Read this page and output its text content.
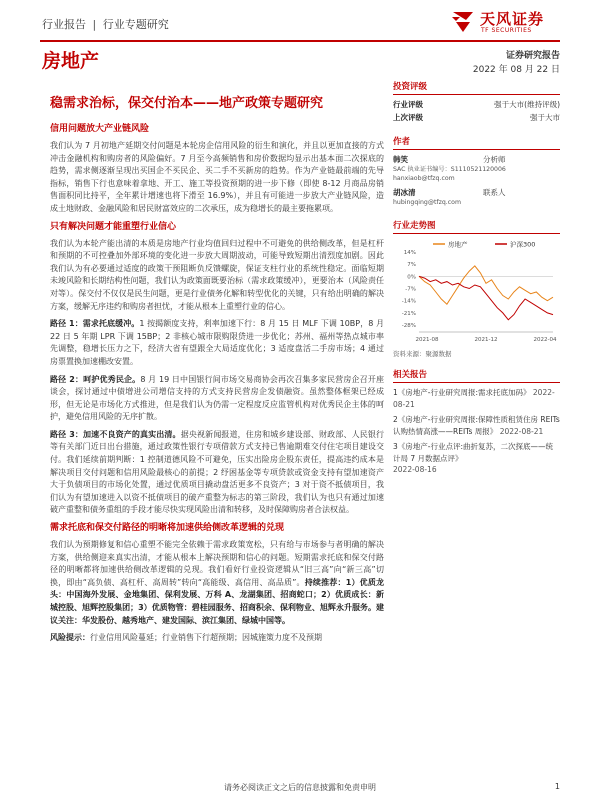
行业报告 | 行业专题研究	天风证券
TF SECURITIES
房地产	证券研究报告
2022 年 08 月 22 日
稳需求治标，保交付治本——地产政策专题研究
信用问题放大产业链风险
我们认为 7 月初地产延期交付问题是本轮房企信用风险的衍生和演化，并且以更加直接的方式冲击金融机构和购房者的风险偏好。7 月至今高频销售和房价数据均显示出基本面二次探底的趋势，需求侧逐渐呈现出买国企不买民企、买二手不买新房的趋势。作为产业链最前端的先导指标，销售下行也意味着拿地、开工、施工等投资预期的进一步下修（即使 8-12 月商品房销售面积同比持平，全年累计增速也将下滑至 16.9%），并且有可能进一步放大产业链风险，造成土地财政、金融风险和居民财富效应的二次承压，成为稳增长的最主要拖累项。
只有解决问题才能重塑行业信心
我们认为本轮产能出清的本质是房地产行业均值回归过程中不可避免的供给侧改革，但是杠杆和预期的不可控叠加外部环境的变化进一步放大周期波动，可能导致短期出清烈度加剧。因此我们认为有必要通过适度的政策干预阻断负反馈螺旋，保证支柱行业的系统性稳定。面临短期未竣风险和长期结构性问题，我们认为政策面既要治标（需求政策缓冲），更要治本（风险责任对等）。保交付不仅仅是民生问题，更是行业债务化解和转型优化的关键，只有给出明确的解决方案，缓解无序违约和购房者担忧，才能从根本上重塑行业的信心。
路径 1：需求托底缓冲。1 按揭额度支持，利率加速下行：8 月 15 日 MLF 下调 10BP，8 月 22 日 5 年期 LPR 下调 15BP；2 非核心城市限购限贷进一步优化；苏州、福州等热点城市率先调整，稳增长压力之下，经济大省有望跟全大局适度优化；3 适度盘活二手房市场；4 通过房票置换加速棚改安置。
路径 2：呵护优秀民企。8 月 19 日中国银行间市场交易商协会再次召集多家民营房企召开座谈会，探讨通过中债增进公司增信支持的方式支持民营房企发债融资。虽然整体框架已经成形，但无论是市场化方式推进，但是我们认为仍需一定程度反应监管机构对优秀民企主体的呵护，避免信用风险的无序扩散。
路径 3：加速不良资产的真实出清。据央视新闻报道，住房和城乡建设部、财政部、人民银行等有关部门近日出台措施，通过政策性银行专项借款方式支持已售逾期难交付住宅项目建设交付。我们延续前期判断：1 控制道德风险不可避免，压实出险房企股东责任，提高违约成本是解决项目交付问题和信用风险最核心的前提；2 纾困基金等专项贷款或资金支持有望加速资产大于负债项目的市场化处置，通过优质项目撬动盘活更多不良资产；3 对于资不抵债项目，我们认为有望加速进入以资不抵债项目的破产重整为标志的第三阶段，我们认为也只有通过加速破产重整和债务重组的手段才能尽快实现风险出清和转移，及时保障购房者合法权益。
需求托底和保交付路径的明晰将加速供给侧改革逻辑的兑现
我们认为预期修复和信心重塑不能完全依赖于需求政策宽松，只有给与市场参与者明确的解决方案，供给侧迎来真实出清，才能从根本上解决预期和信心的问题。短期需求托底和保交付路径的明晰都将加速供给侧改革逻辑的兑现。我们看好行业投资逻辑从“旧三高”向“新三高”切换，即由“高负债、高杠杆、高周转”转向“高能级、高信用、高品质”。持续推荐：1）优质龙头：中国海外发展、金地集团、保利发展、万科 A、龙湖集团、招商蛇口；2）优质成长：新城控股、旭辉控股集团；3）优质物管：碧桂园服务、招商积余、保利物业、旭辉永升服务。建议关注：华发股份、越秀地产、建发国际、滨江集团、绿城中国等。
风险提示：行业信用风险蔓延；行业销售下行超预期；因城施策力度不及预期
投资评级
行业评级	强于大市(维持评级)
上次评级	强于大市
作者
韩笑	分析师
SAC 执业证书编号：S1110521120006
hanxiaob@tfzq.com
胡冰清	联系人
hubingqing@tfzq.com
行业走势图
房地产	沪深300
14%
7%
0%
-7%
-14%
-21%
-28%
2021-08	2021-12	2022-04
资料来源：聚源数据
相关报告
1《房地产-行业研究周报:需求托底加码》 2022-08-21
2《房地产-行业研究周报:保障性质租赁住房 REITs 认购热情高涨——REITs 周报》 2022-08-21
3《房地产-行业点评:曲折复苏，二次探底——统计局 7 月数据点评》
2022-08-16
请务必阅读正文之后的信息披露和免责申明	1
